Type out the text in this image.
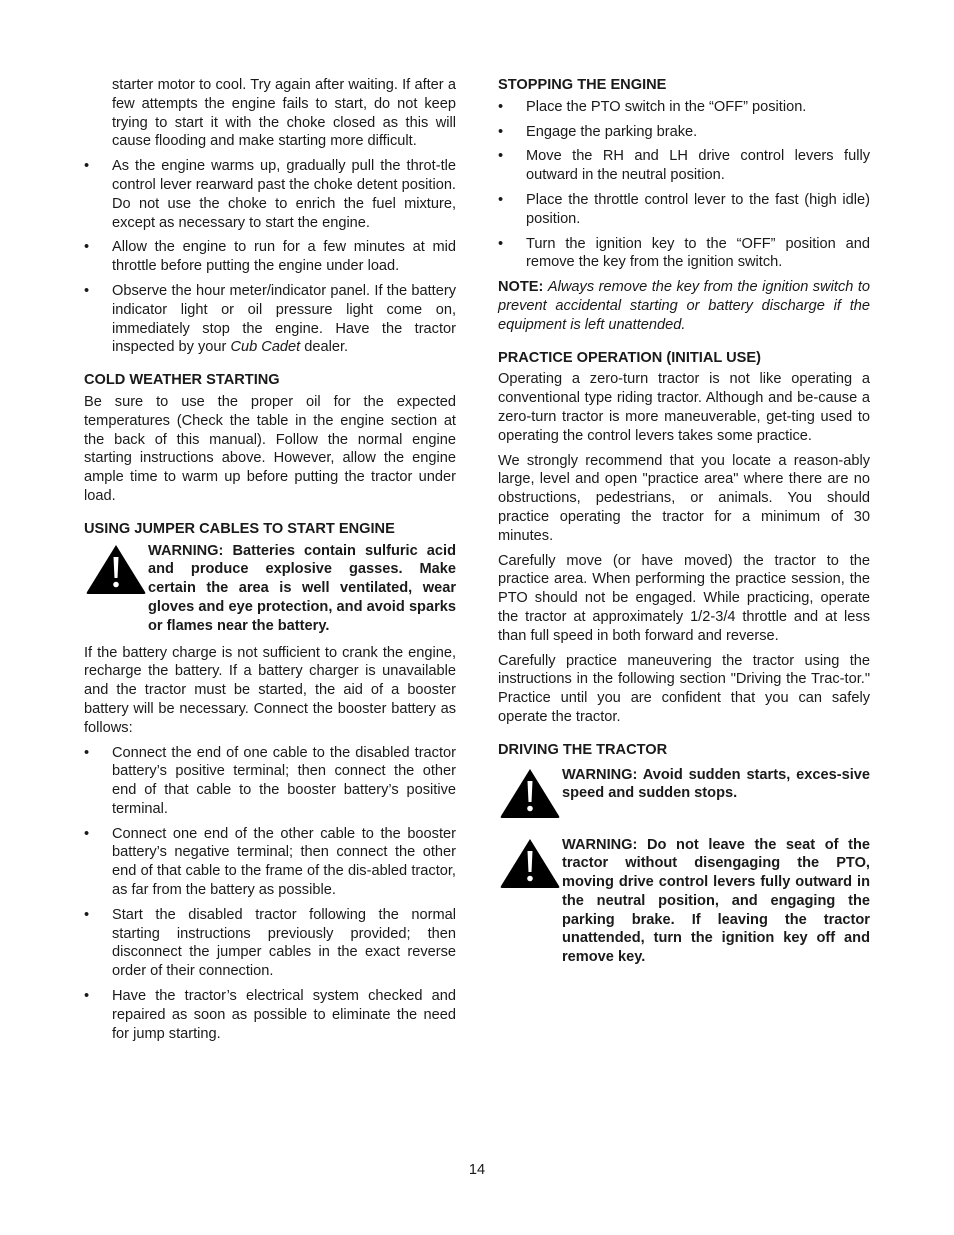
starter motor to cool. Try again after waiting. If after a few attempts the engine fails to start, do not keep trying to start it with the choke closed as this will cause flooding and make starting more difficult.

• As the engine warms up, gradually pull the throt-tle control lever rearward past the choke detent position. Do not use the choke to enrich the fuel mixture, except as necessary to start the engine.
• Allow the engine to run for a few minutes at mid throttle before putting the engine under load.
• Observe the hour meter/indicator panel. If the battery indicator light or oil pressure light come on, immediately stop the engine. Have the tractor inspected by your Cub Cadet dealer.
COLD WEATHER STARTING

Be sure to use the proper oil for the expected temperatures (Check the table in the engine section at the back of this manual). Follow the normal engine starting instructions above. However, allow the engine ample time to warm up before putting the tractor under load.

USING JUMPER CABLES TO START ENGINE
WARNING: Batteries contain sulfuric acid and produce explosive gasses. Make certain the area is well ventilated, wear gloves and eye protection, and avoid sparks or flames near the battery.

If the battery charge is not sufficient to crank the engine, recharge the battery. If a battery charger is unavailable and the tractor must be started, the aid of a booster battery will be necessary. Connect the booster battery as follows:

• Connect the end of one cable to the disabled tractor battery’s positive terminal; then connect the other end of that cable to the booster battery’s positive terminal.
• Connect one end of the other cable to the booster battery’s negative terminal; then connect the other end of that cable to the frame of the dis-abled tractor, as far from the battery as possible.
• Start the disabled tractor following the normal starting instructions previously provided; then disconnect the jumper cables in the exact reverse order of their connection.
• Have the tractor’s electrical system checked and repaired as soon as possible to eliminate the need for jump starting.
STOPPING THE ENGINE
• Place the PTO switch in the “OFF” position.
• Engage the parking brake.
• Move the RH and LH drive control levers fully outward in the neutral position.
• Place the throttle control lever to the fast (high idle) position.
• Turn the ignition key to the “OFF” position and remove the key from the ignition switch.

NOTE: Always remove the key from the ignition switch to prevent accidental starting or battery discharge if the equipment is left unattended.

PRACTICE OPERATION (INITIAL USE)

Operating a zero-turn tractor is not like operating a conventional type riding tractor. Although and be-cause a zero-turn tractor is more maneuverable, get-ting used to operating the control levers takes some practice.

We strongly recommend that you locate a reason-ably large, level and open "practice area" where there are no obstructions, pedestrians, or animals. You should practice operating the tractor for a minimum of 30 minutes.

Carefully move (or have moved) the tractor to the practice area. When performing the practice session, the PTO should not be engaged. While practicing, operate the tractor at approximately 1/2-3/4 throttle and at less than full speed in both forward and reverse.

Carefully practice maneuvering the tractor using the instructions in the following section "Driving the Trac-tor." Practice until you are confident that you can safely operate the tractor.

DRIVING THE TRACTOR
WARNING: Avoid sudden starts, exces-sive speed and sudden stops.
WARNING: Do not leave the seat of the tractor without disengaging the PTO, moving drive control levers fully outward in the neutral position, and engaging the parking brake. If leaving the tractor unattended, turn the ignition key off and remove key.
14
